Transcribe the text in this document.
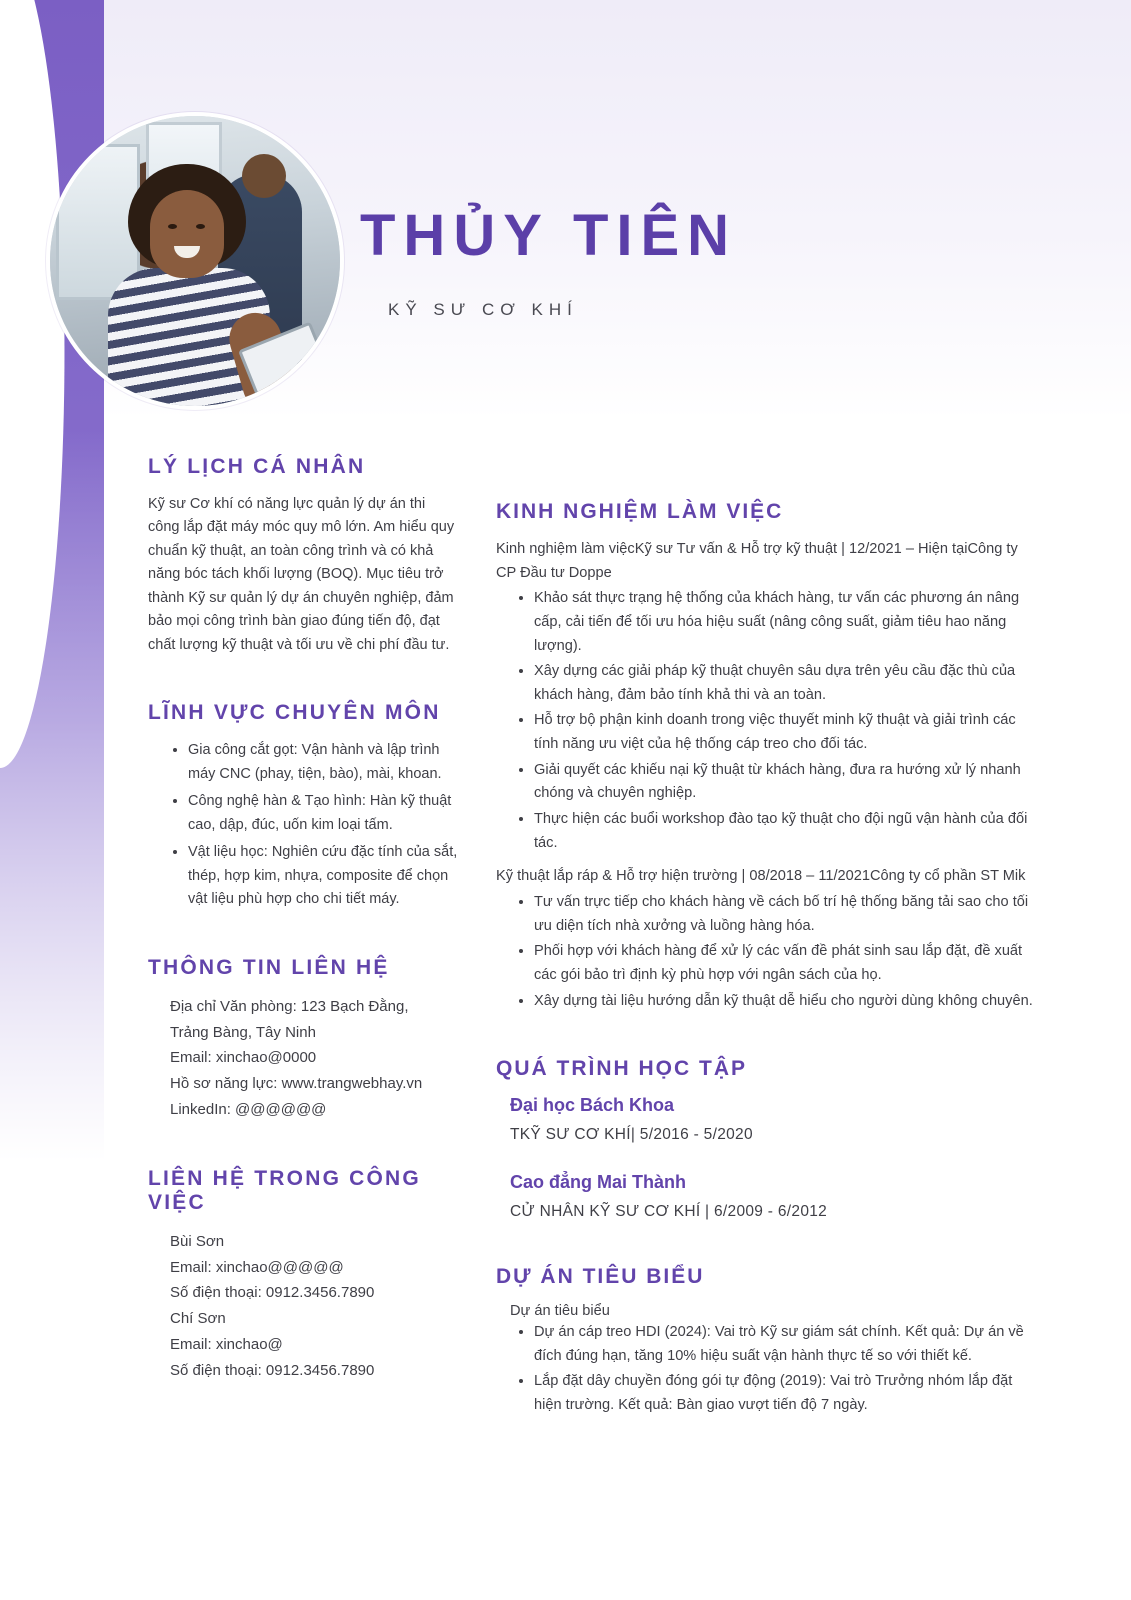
THỦY TIÊN
KỸ SƯ CƠ KHÍ
LÝ LỊCH CÁ NHÂN

Kỹ sư Cơ khí có năng lực quản lý dự án thi công lắp đặt máy móc quy mô lớn. Am hiểu quy chuẩn kỹ thuật, an toàn công trình và có khả năng bóc tách khối lượng (BOQ). Mục tiêu trở thành Kỹ sư quản lý dự án chuyên nghiệp, đảm bảo mọi công trình bàn giao đúng tiến độ, đạt chất lượng kỹ thuật và tối ưu về chi phí đầu tư.

LĨNH VỰC CHUYÊN MÔN
• Gia công cắt gọt: Vận hành và lập trình máy CNC (phay, tiện, bào), mài, khoan.
• Công nghệ hàn & Tạo hình: Hàn kỹ thuật cao, dập, đúc, uốn kim loại tấm.
• Vật liệu học: Nghiên cứu đặc tính của sắt, thép, hợp kim, nhựa, composite để chọn vật liệu phù hợp cho chi tiết máy.
THÔNG TIN LIÊN HỆ
Địa chỉ Văn phòng: 123 Bạch Đằng,
Trảng Bàng, Tây Ninh
Email: xinchao@0000
Hồ sơ năng lực: www.trangwebhay.vn
LinkedIn: @@@@@@
LIÊN HỆ TRONG CÔNG VIỆC
Bùi Sơn
Email: xinchao@@@@@
Số điện thoại: 0912.3456.7890
Chí Sơn
Email: xinchao@
Số điện thoại: 0912.3456.7890
KINH NGHIỆM LÀM VIỆC

Kinh nghiệm làm việcKỹ sư Tư vấn & Hỗ trợ kỹ thuật | 12/2021 – Hiện tạiCông ty CP Đầu tư Doppe

• Khảo sát thực trạng hệ thống của khách hàng, tư vấn các phương án nâng cấp, cải tiến để tối ưu hóa hiệu suất (nâng công suất, giảm tiêu hao năng lượng).
• Xây dựng các giải pháp kỹ thuật chuyên sâu dựa trên yêu cầu đặc thù của khách hàng, đảm bảo tính khả thi và an toàn.
• Hỗ trợ bộ phận kinh doanh trong việc thuyết minh kỹ thuật và giải trình các tính năng ưu việt của hệ thống cáp treo cho đối tác.
• Giải quyết các khiếu nại kỹ thuật từ khách hàng, đưa ra hướng xử lý nhanh chóng và chuyên nghiệp.
• Thực hiện các buổi workshop đào tạo kỹ thuật cho đội ngũ vận hành của đối tác.

Kỹ thuật lắp ráp & Hỗ trợ hiện trường | 08/2018 – 11/2021Công ty cổ phần ST Mik

• Tư vấn trực tiếp cho khách hàng về cách bố trí hệ thống băng tải sao cho tối ưu diện tích nhà xưởng và luồng hàng hóa.
• Phối hợp với khách hàng để xử lý các vấn đề phát sinh sau lắp đặt, đề xuất các gói bảo trì định kỳ phù hợp với ngân sách của họ.
• Xây dựng tài liệu hướng dẫn kỹ thuật dễ hiểu cho người dùng không chuyên.
QUÁ TRÌNH HỌC TẬP

Đại học Bách Khoa

TKỸ SƯ CƠ KHÍ| 5/2016 - 5/2020

Cao đẳng Mai Thành

CỬ NHÂN KỸ SƯ CƠ KHÍ | 6/2009 - 6/2012
DỰ ÁN TIÊU BIỂU

Dự án tiêu biểu

• Dự án cáp treo HDI (2024): Vai trò Kỹ sư giám sát chính. Kết quả: Dự án về đích đúng hạn, tăng 10% hiệu suất vận hành thực tế so với thiết kế.
• Lắp đặt dây chuyền đóng gói tự động (2019): Vai trò Trưởng nhóm lắp đặt hiện trường. Kết quả: Bàn giao vượt tiến độ 7 ngày.
